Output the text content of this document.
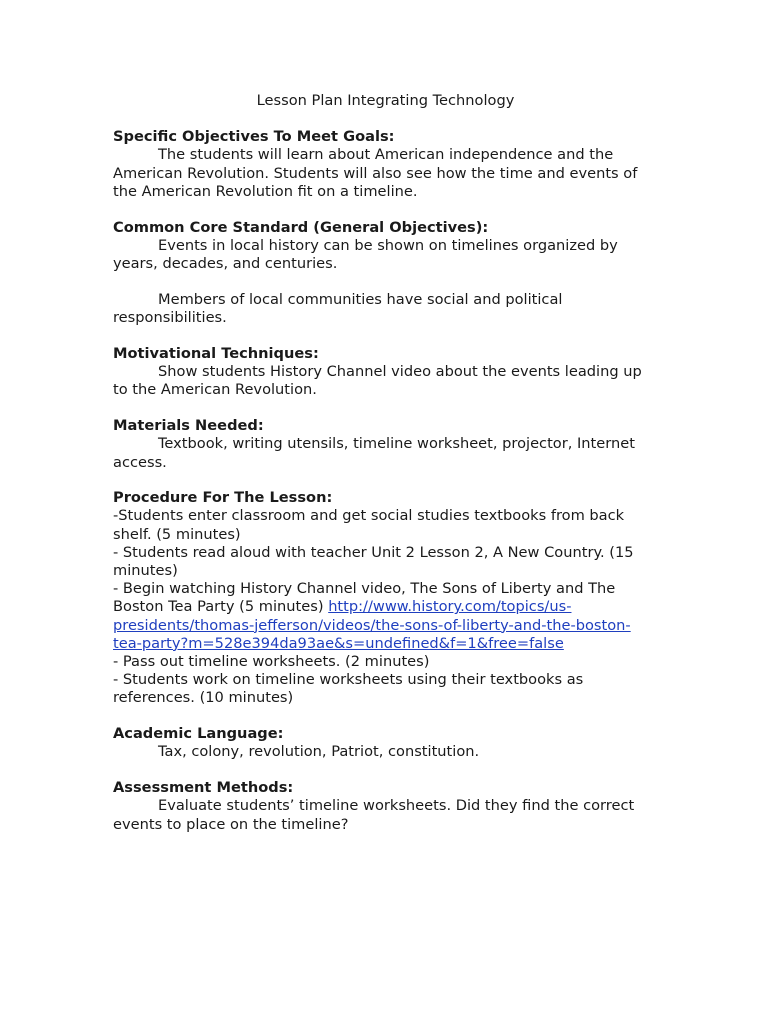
Lesson Plan Integrating Technology

Specific Objectives To Meet Goals:

The students will learn about American independence and the American Revolution. Students will also see how the time and events of the American Revolution fit on a timeline.

Common Core Standard (General Objectives):

Events in local history can be shown on timelines organized by years, decades, and centuries.

Members of local communities have social and political responsibilities.

Motivational Techniques:

Show students History Channel video about the events leading up to the American Revolution.

Materials Needed:

Textbook, writing utensils, timeline worksheet, projector, Internet access.

Procedure For The Lesson:

-Students enter classroom and get social studies textbooks from back shelf. (5 minutes)

- Students read aloud with teacher Unit 2 Lesson 2, A New Country. (15 minutes)

- Begin watching History Channel video, The Sons of Liberty and The Boston Tea Party (5 minutes) http://www.history.com/topics/us-presidents/thomas-jefferson/videos/the-sons-of-liberty-and-the-boston-tea-party?m=528e394da93ae&s=undefined&f=1&free=false

- Pass out timeline worksheets. (2 minutes)

- Students work on timeline worksheets using their textbooks as references. (10 minutes)

Academic Language:

Tax, colony, revolution, Patriot, constitution.

Assessment Methods:

Evaluate students’ timeline worksheets. Did they find the correct events to place on the timeline?
